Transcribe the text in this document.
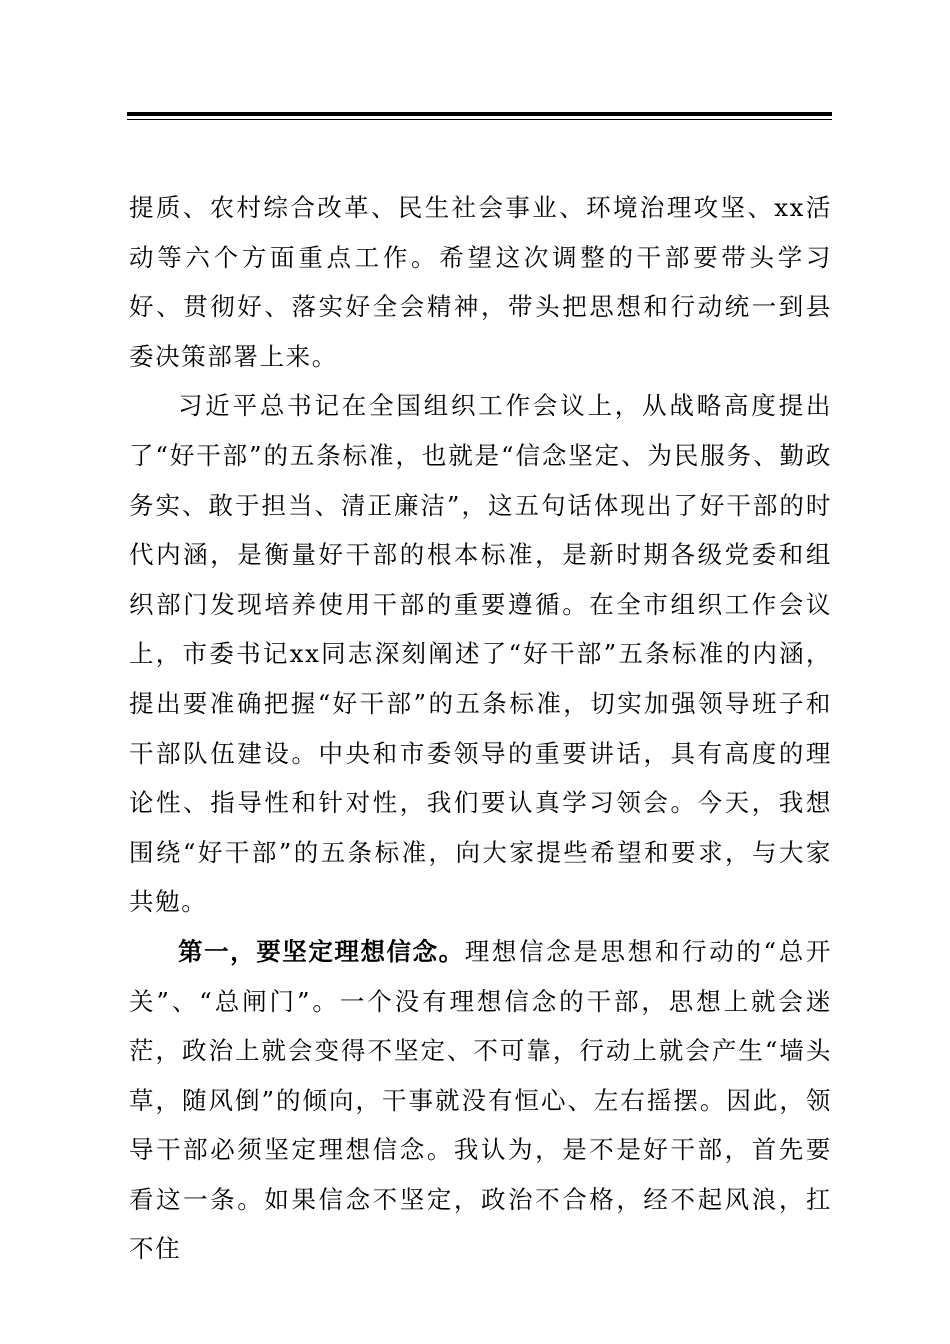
提质、农村综合改革、民生社会事业、环境治理攻坚、xx活动等六个方面重点工作。希望这次调整的干部要带头学习好、贯彻好、落实好全会精神，带头把思想和行动统一到县委决策部署上来。

习近平总书记在全国组织工作会议上，从战略高度提出了“好干部”的五条标准，也就是“信念坚定、为民服务、勤政务实、敢于担当、清正廉洁”，这五句话体现出了好干部的时代内涵，是衡量好干部的根本标准，是新时期各级党委和组织部门发现培养使用干部的重要遵循。在全市组织工作会议上，市委书记xx同志深刻阐述了“好干部”五条标准的内涵，提出要准确把握“好干部”的五条标准，切实加强领导班子和干部队伍建设。中央和市委领导的重要讲话，具有高度的理论性、指导性和针对性，我们要认真学习领会。今天，我想围绕“好干部”的五条标准，向大家提些希望和要求，与大家共勉。

第一，要坚定理想信念。理想信念是思想和行动的“总开关”、“总闸门”。一个没有理想信念的干部，思想上就会迷茫，政治上就会变得不坚定、不可靠，行动上就会产生“墙头草，随风倒”的倾向，干事就没有恒心、左右摇摆。因此，领导干部必须坚定理想信念。我认为，是不是好干部，首先要看这一条。如果信念不坚定，政治不合格，经不起风浪，扛不住
